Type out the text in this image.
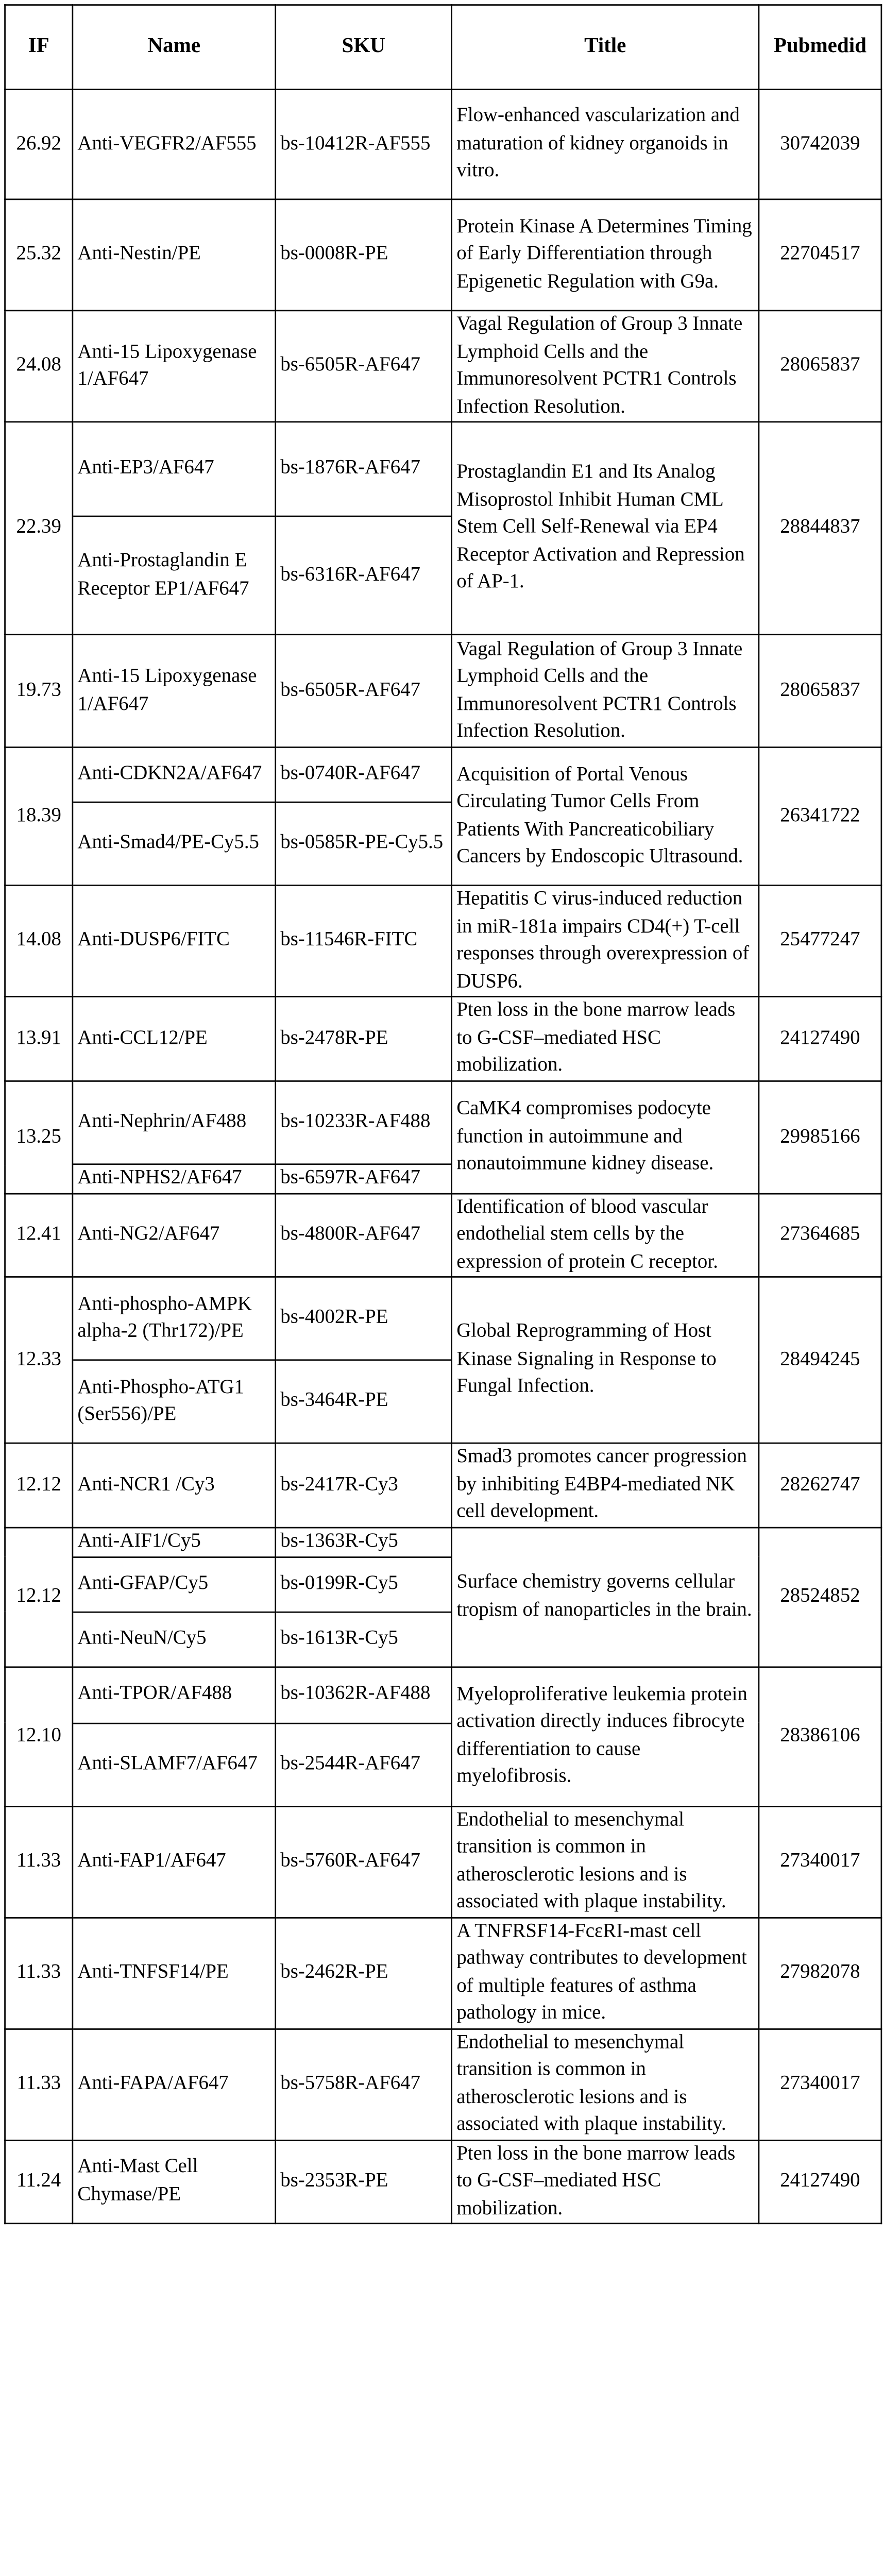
IF	Name	SKU	Title	Pubmedid
26.92	Anti-VEGFR2/AF555	bs-10412R-AF555	Flow-enhanced vascularization and maturation of kidney organoids in vitro.	30742039
25.32	Anti-Nestin/PE	bs-0008R-PE	Protein Kinase A Determines Timing of Early Differentiation through Epigenetic Regulation with G9a.	22704517
24.08	Anti-15 Lipoxygenase 1/AF647	bs-6505R-AF647	Vagal Regulation of Group 3 Innate Lymphoid Cells and the Immunoresolvent PCTR1 Controls Infection Resolution.	28065837
22.39	Anti-EP3/AF647	bs-1876R-AF647	Prostaglandin E1 and Its Analog Misoprostol Inhibit Human CML Stem Cell Self-Renewal via EP4 Receptor Activation and Repression of AP-1.	28844837
	Anti-Prostaglandin E Receptor EP1/AF647	bs-6316R-AF647		
19.73	Anti-15 Lipoxygenase 1/AF647	bs-6505R-AF647	Vagal Regulation of Group 3 Innate Lymphoid Cells and the Immunoresolvent PCTR1 Controls Infection Resolution.	28065837
18.39	Anti-CDKN2A/AF647	bs-0740R-AF647	Acquisition of Portal Venous Circulating Tumor Cells From Patients With Pancreaticobiliary Cancers by Endoscopic Ultrasound.	26341722
	Anti-Smad4/PE-Cy5.5	bs-0585R-PE-Cy5.5		
14.08	Anti-DUSP6/FITC	bs-11546R-FITC	Hepatitis C virus-induced reduction in miR-181a impairs CD4(+) T-cell responses through overexpression of DUSP6.	25477247
13.91	Anti-CCL12/PE	bs-2478R-PE	Pten loss in the bone marrow leads to G-CSF–mediated HSC mobilization.	24127490
13.25	Anti-Nephrin/AF488	bs-10233R-AF488	CaMK4 compromises podocyte function in autoimmune and nonautoimmune kidney disease.	29985166
	Anti-NPHS2/AF647	bs-6597R-AF647		
12.41	Anti-NG2/AF647	bs-4800R-AF647	Identification of blood vascular endothelial stem cells by the expression of protein C receptor.	27364685
12.33	Anti-phospho-AMPK alpha-2 (Thr172)/PE	bs-4002R-PE	Global Reprogramming of Host Kinase Signaling in Response to Fungal Infection.	28494245
	Anti-Phospho-ATG1 (Ser556)/PE	bs-3464R-PE		
12.12	Anti-NCR1 /Cy3	bs-2417R-Cy3	Smad3 promotes cancer progression by inhibiting E4BP4-mediated NK cell development.	28262747
12.12	Anti-AIF1/Cy5	bs-1363R-Cy5	Surface chemistry governs cellular tropism of nanoparticles in the brain.	28524852
	Anti-GFAP/Cy5	bs-0199R-Cy5		
	Anti-NeuN/Cy5	bs-1613R-Cy5		
12.10	Anti-TPOR/AF488	bs-10362R-AF488	Myeloproliferative leukemia protein activation directly induces fibrocyte differentiation to cause myelofibrosis.	28386106
	Anti-SLAMF7/AF647	bs-2544R-AF647		
11.33	Anti-FAP1/AF647	bs-5760R-AF647	Endothelial to mesenchymal transition is common in atherosclerotic lesions and is associated with plaque instability.	27340017
11.33	Anti-TNFSF14/PE	bs-2462R-PE	A TNFRSF14-FcεRI-mast cell pathway contributes to development of multiple features of asthma pathology in mice.	27982078
11.33	Anti-FAPA/AF647	bs-5758R-AF647	Endothelial to mesenchymal transition is common in atherosclerotic lesions and is associated with plaque instability.	27340017
11.24	Anti-Mast Cell Chymase/PE	bs-2353R-PE	Pten loss in the bone marrow leads to G-CSF–mediated HSC mobilization.	24127490
